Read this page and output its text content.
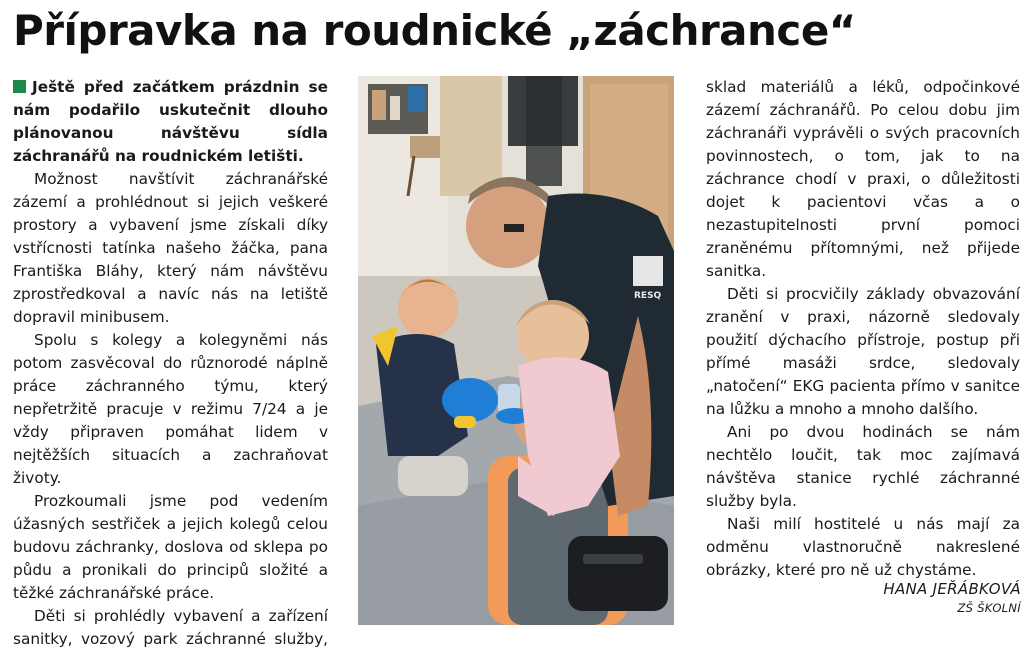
Přípravka na roudnické „záchrance“

Ještě před začátkem prázdnin se nám podařilo uskutečnit dlouho plánovanou návštěvu sídla záchranářů na roudnickém letišti.

Možnost navštívit záchranářské zázemí a prohlédnout si jejich veškeré prostory a vybavení jsme získali díky vstřícnosti tatínka našeho žáčka, pana Františka Bláhy, který nám návštěvu zprostředkoval a navíc nás na letiště dopravil minibusem.

Spolu s kolegy a kolegyněmi nás potom zasvěcoval do různorodé náplně práce záchranného týmu, který nepřetržitě pracuje v režimu 7/24 a je vždy připraven pomáhat lidem v nejtěžších situacích a zachraňovat životy.

Prozkoumali jsme pod vedením úžasných sestřiček a jejich kolegů celou budovu záchranky, doslova od sklepa po půdu a pronikali do principů složité a těžké záchranářské práce.

Děti si prohlédly vybavení a zařízení sanitky, vozový park záchranné služby,

RESQ

sklad materiálů a léků, odpočinkové zázemí záchranářů. Po celou dobu jim záchranáři vyprávěli o svých pracovních povinnostech, o tom, jak to na záchrance chodí v praxi, o důležitosti dojet k pacientovi včas a o nezastupitelnosti první pomoci zraněnému přítomnými, než přijede sanitka.

Děti si procvičily základy obvazování zranění v praxi, názorně sledovaly použití dýchacího přístroje, postup při přímé masáži srdce, sledovaly „natočení“ EKG pacienta přímo v sanitce na lůžku a mnoho a mnoho dalšího.

Ani po dvou hodinách se nám nechtělo loučit, tak moc zajímavá návštěva stanice rychlé záchranné služby byla.

Naši milí hostitelé u nás mají za odměnu vlastnoručně nakreslené obrázky, které pro ně už chystáme.

HANA JEŘÁBKOVÁ
ZŠ ŠKOLNÍ
